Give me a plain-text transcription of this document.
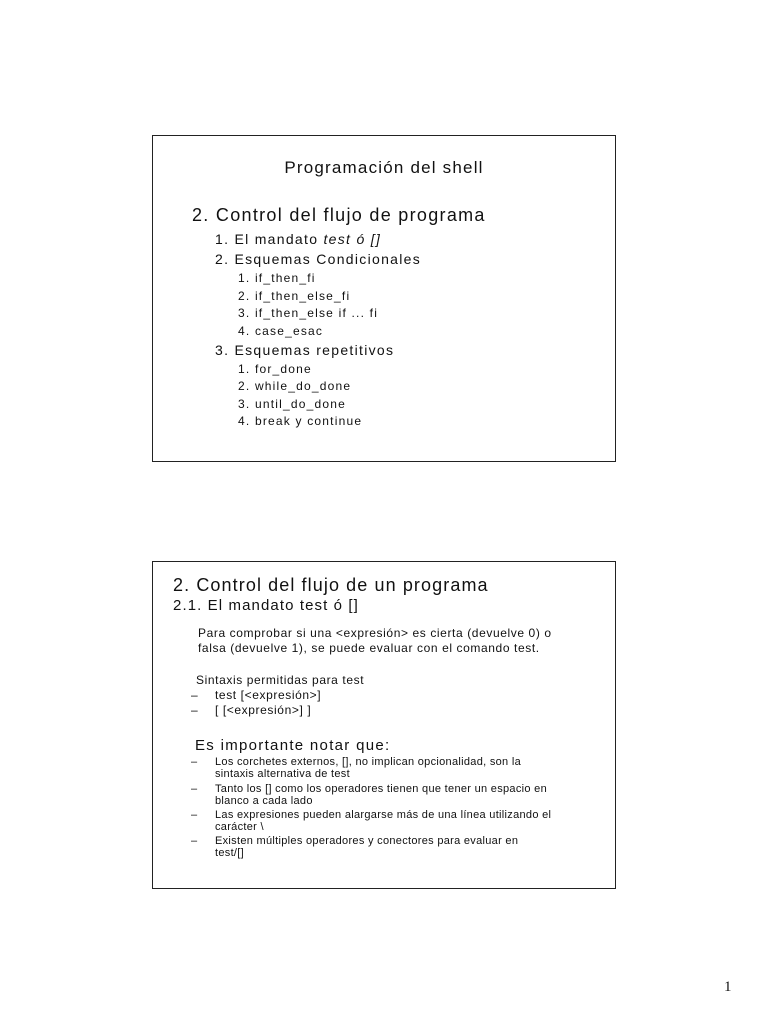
Programación del shell
2. Control del flujo de programa
1. El mandato test ó []
2. Esquemas Condicionales
1. if_then_fi
2. if_then_else_fi
3. if_then_else if ... fi
4. case_esac
3. Esquemas repetitivos
1. for_done
2. while_do_done
3. until_do_done
4. break y continue
2. Control del flujo de un programa
2.1. El mandato test ó []
Para comprobar si una <expresión> es cierta (devuelve 0) o
falsa (devuelve 1), se puede evaluar con el comando test.
Sintaxis permitidas para test
– test [<expresión>]
– [ [<expresión>] ]
Es importante notar que:
– Los corchetes externos, [], no implican opcionalidad, son la
sintaxis alternativa de test
– Tanto los [] como los operadores tienen que tener un espacio en
blanco a cada lado
– Las expresiones pueden alargarse más de una línea utilizando el
carácter \
– Existen múltiples operadores y conectores para evaluar en
test/[]
1
